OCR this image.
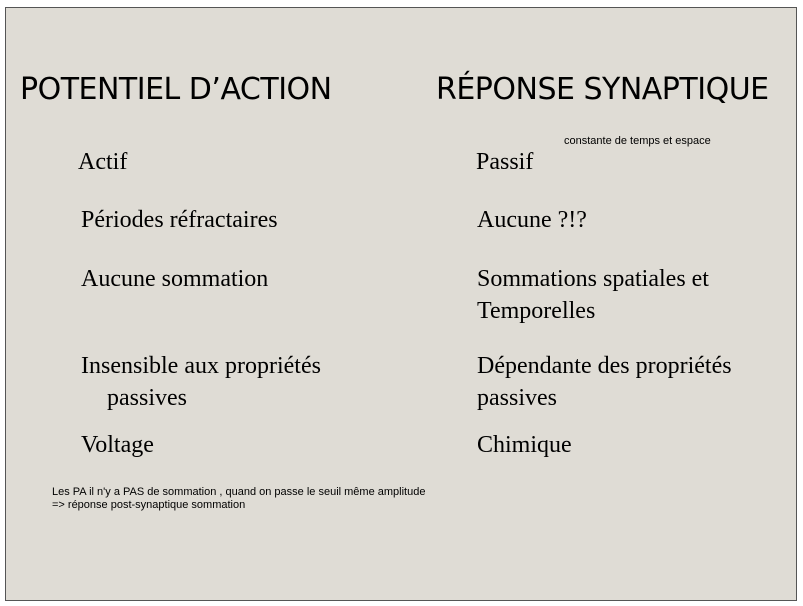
POTENTIEL D’ACTION	RÉPONSE SYNAPTIQUE
Actif
Périodes réfractaires
Aucune sommation
Insensible aux propriétés
passives
Voltage
Passif
constante de temps et espace
Aucune ?!?
Sommations spatiales et
Temporelles
Dépendante des propriétés
passives
Chimique
Les PA il n'y a PAS de sommation , quand on passe le seuil même amplitude
=> réponse post-synaptique sommation
